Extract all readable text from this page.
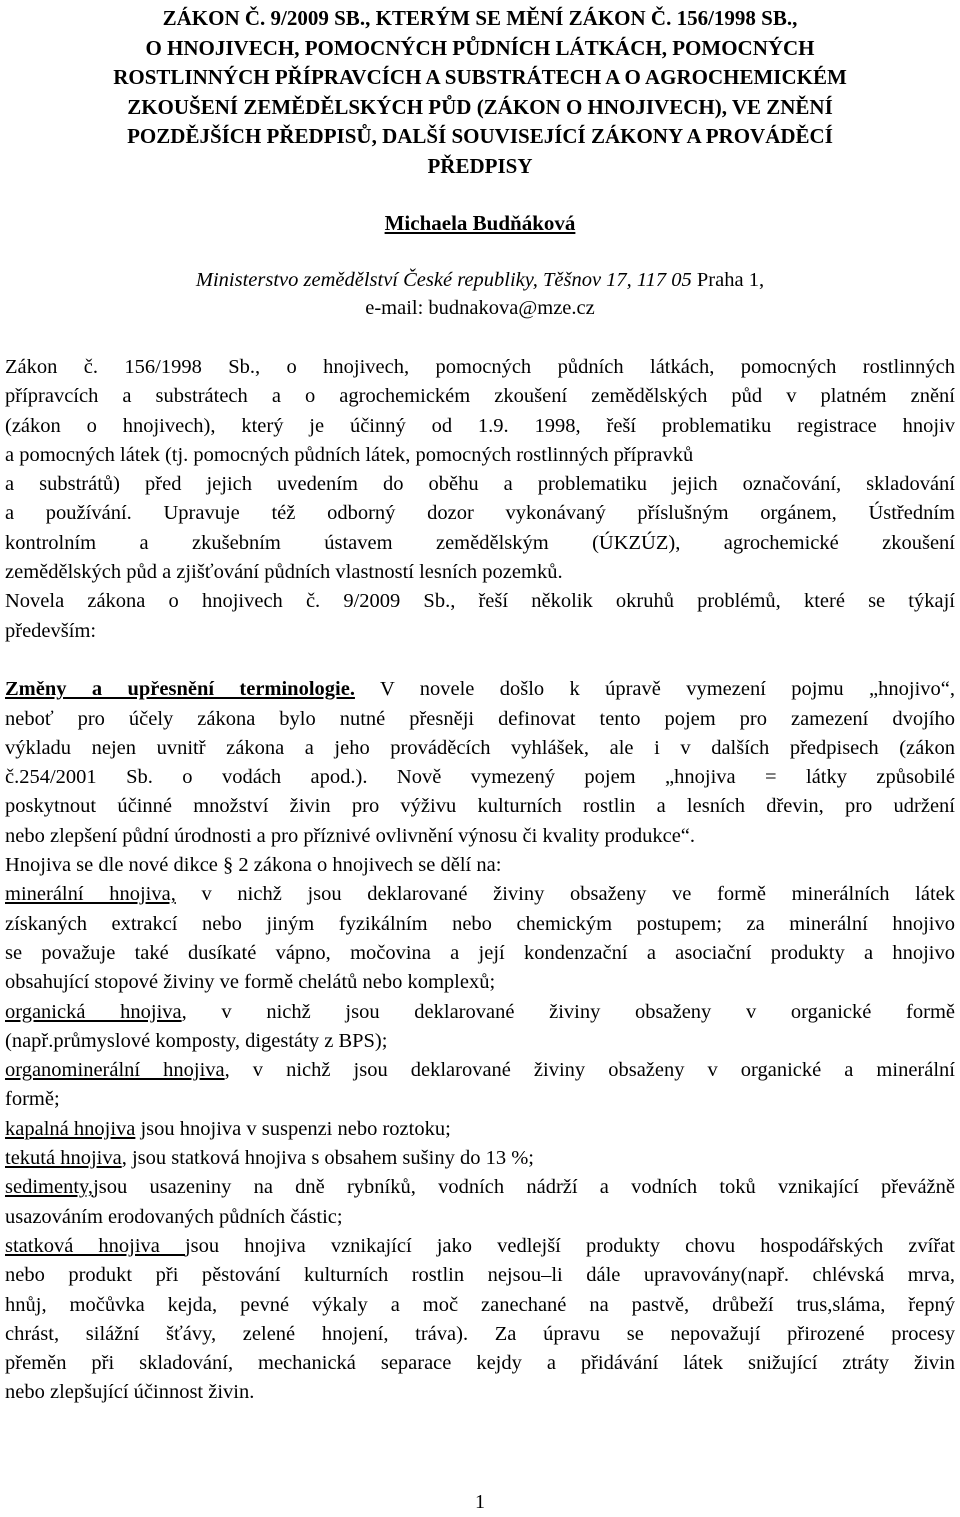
ZÁKON Č. 9/2009 SB., KTERÝM SE MĚNÍ ZÁKON Č. 156/1998 SB.,
O HNOJIVECH, POMOCNÝCH PŮDNÍCH LÁTKÁCH, POMOCNÝCH
ROSTLINNÝCH PŘÍPRAVCÍCH A SUBSTRÁTECH A O AGROCHEMICKÉM
ZKOUŠENÍ ZEMĚDĚLSKÝCH PŮD (ZÁKON O HNOJIVECH), VE ZNĚNÍ
POZDĚJŠÍCH PŘEDPISŮ, DALŠÍ SOUVISEJÍCÍ ZÁKONY A PROVÁDĚCÍ
PŘEDPISY
Michaela Budňáková
Ministerstvo zemědělství České republiky, Těšnov 17, 117 05 Praha 1,
e-mail: budnakova@mze.cz
Zákon č. 156/1998 Sb., o hnojivech, pomocných půdních látkách, pomocných rostlinných
přípravcích a substrátech a o agrochemickém zkoušení zemědělských půd v platném znění
(zákon o hnojivech), který je účinný od 1.9. 1998, řeší problematiku registrace hnojiv
a pomocných látek (tj. pomocných půdních látek, pomocných rostlinných přípravků
a substrátů) před jejich uvedením do oběhu a problematiku jejich označování, skladování
a používání. Upravuje též odborný dozor vykonávaný příslušným orgánem, Ústředním
kontrolním a zkušebním ústavem zemědělským (ÚKZÚZ), agrochemické zkoušení
zemědělských půd a zjišťování půdních vlastností lesních pozemků.
Novela zákona o hnojivech č. 9/2009 Sb., řeší několik okruhů problémů, které se týkají
především:
Změny a upřesnění terminologie. V novele došlo k úpravě vymezení pojmu „hnojivo“,
neboť pro účely zákona bylo nutné přesněji definovat tento pojem pro zamezení dvojího
výkladu nejen uvnitř zákona a jeho prováděcích vyhlášek, ale i v dalších předpisech (zákon
č.254/2001 Sb. o vodách apod.). Nově vymezený pojem „hnojiva = látky způsobilé
poskytnout účinné množství živin pro výživu kulturních rostlin a lesních dřevin, pro udržení
nebo zlepšení půdní úrodnosti a pro příznivé ovlivnění výnosu či kvality produkce“.
Hnojiva se dle nové dikce § 2 zákona o hnojivech se dělí na:
minerální hnojiva, v nichž jsou deklarované živiny obsaženy ve formě minerálních látek
získaných extrakcí nebo jiným fyzikálním nebo chemickým postupem; za minerální hnojivo
se považuje také dusíkaté vápno, močovina a její kondenzační a asociační produkty a hnojivo
obsahující stopové živiny ve formě chelátů nebo komplexů;
organická hnojiva, v nichž jsou deklarované živiny obsaženy v organické formě
(např.průmyslové komposty, digestáty z BPS);
organominerální hnojiva, v nichž jsou deklarované živiny obsaženy v organické a minerální
formě;
kapalná hnojiva jsou hnojiva v suspenzi nebo roztoku;
tekutá hnojiva, jsou statková hnojiva s obsahem sušiny do 13 %;
sedimenty,jsou usazeniny na dně rybníků, vodních nádrží a vodních toků vznikající převážně
usazováním erodovaných půdních částic;
statková hnojiva jsou hnojiva vznikající jako vedlejší produkty chovu hospodářských zvířat
nebo produkt při pěstování kulturních rostlin nejsou–li dále upravovány(např. chlévská mrva,
hnůj, močůvka kejda, pevné výkaly a moč zanechané na pastvě, drůbeží trus,sláma, řepný
chrást, silážní šťávy, zelené hnojení, tráva). Za úpravu se nepovažují přirozené procesy
přeměn při skladování, mechanická separace kejdy a přidávání látek snižující ztráty živin
nebo zlepšující účinnost živin.
1
